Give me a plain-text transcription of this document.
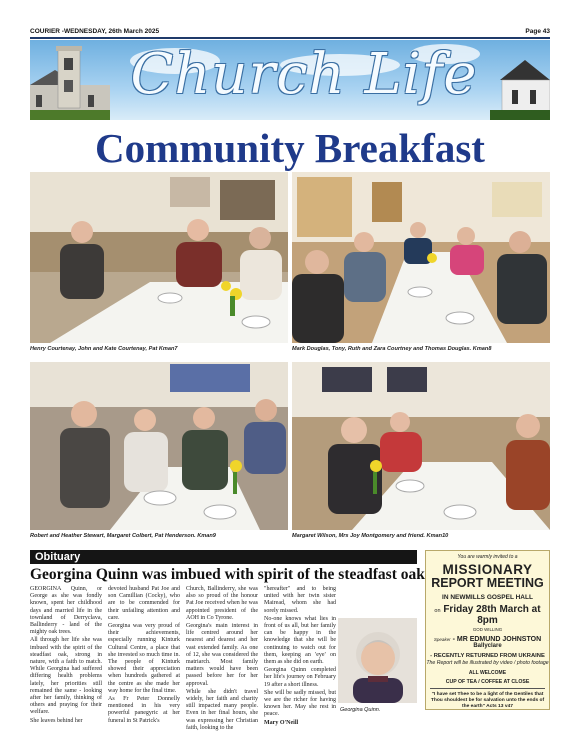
COURIER -WEDNESDAY, 26th March 2025	Page 43
Church Life
Community Breakfast
Henry Courtenay, John and Kate Courtenay, Pat Kman7	Mark Douglas, Tony, Ruth and Zara Courtney and Thomas Douglas. Kman8
Robert and Heather Stewart, Margaret Colbert, Pat Henderson. Kman9	Margaret Wilson, Mrs Joy Montgomery and friend. Kman10
Obituary
Georgina Quinn was imbued with spirit of the steadfast oak

GEORGINA Quinn, or George as she was fondly known, spent her childhood days and married life in the townland of Derryclava, Ballinderry - land of the mighty oak trees.

All through her life she was imbued with the spirit of the steadfast oak, strong in nature, with a faith to match. While Georgina had suffered differing health problems lately, her priorities still remained the same - looking after her family, thinking of others and praying for their welfare.

She leaves behind her

devoted husband Pat Joe and son Camillian (Cocky), who are to be commended for their unfailing attention and care.

Georgina was very proud of their achievements, especially running Kinturk Cultural Centre, a place that she invested so much time in. The people of Kinturk showed their appreciation when hundreds gathered at the centre as she made her way home for the final time.

As Fr Peter Donnelly mentioned in his very powerful panegyric at her funeral in St Patrick's

Church, Ballinderry, she was also so proud of the honour Pat Joe received when he was appointed president of the AOH in Co Tyrone.

Georgina's main interest in life centred around her nearest and dearest and her vast extended family. As one of 12, she was considered the matriarch. Most family matters would have been passed before her for her approval.

While she didn't travel widely, her faith and charity still impacted many people. Even in her final hours, she was expressing her Christian faith, looking to the

"hereafter" and to being united with her twin sister Mairead, whom she had sorely missed.

No-one knows what lies in front of us all, but her family can be happy in the knowledge that she will be continuing to watch out for them, keeping an 'eye' on them as she did on earth.

Georgina Quinn completed her life's journey on February 19 after a short illness.

She will be sadly missed, but we are the richer for having known her. May she rest in peace.

Mary O'Neill

Georgina Quinn.
You are warmly invited to a
MISSIONARY
REPORT MEETING
IN NEWMILLS GOSPEL HALL
on Friday 28th March at 8pm
GOD WILLING
Speaker - MR EDMUND JOHNSTON
Ballyclare
- RECENTLY RETURNED FROM UKRAINE
The Report will be illustrated by video / photo footage
ALL WELCOME
CUP OF TEA / COFFEE AT CLOSE
"I have set Thee to be a light of the Gentiles that Thou shouldest be for salvation unto the ends of the earth" Acts 13 v47
